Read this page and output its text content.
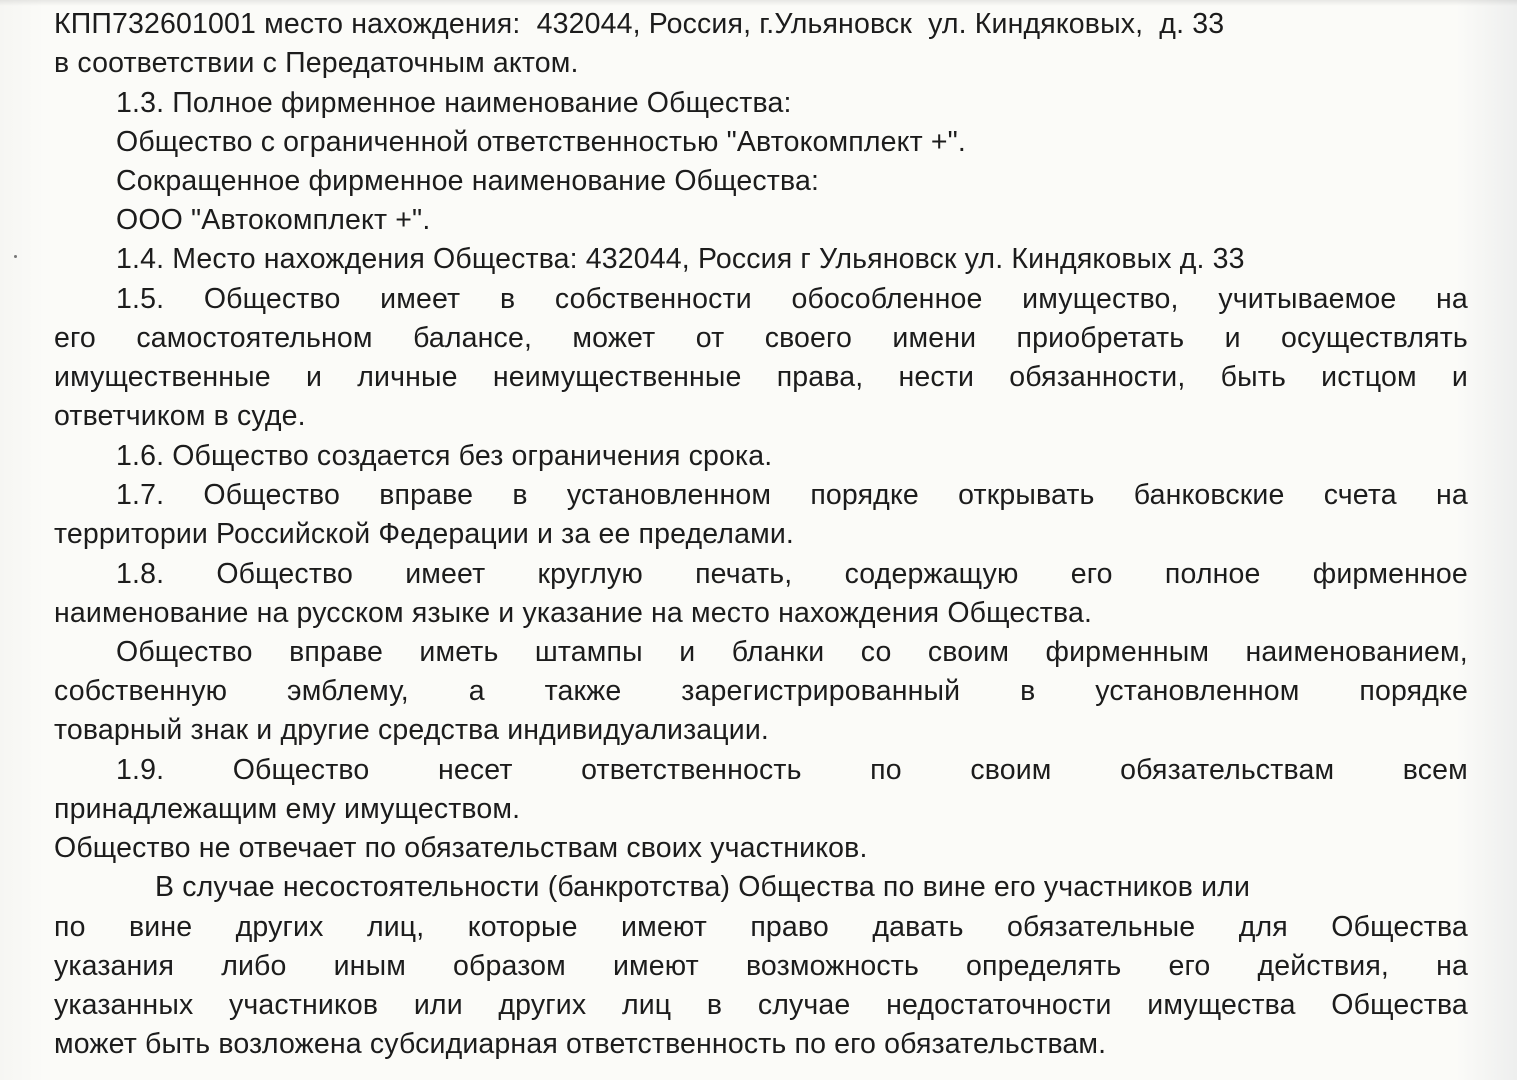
КПП732601001 место нахождения:  432044, Россия, г.Ульяновск  ул. Киндяковых,  д. 33
в соответствии с Передаточным актом.
1.3. Полное фирменное наименование Общества:
Общество с ограниченной ответственностью "Автокомплект +".
Сокращенное фирменное наименование Общества:
ООО "Автокомплект +".
1.4. Место нахождения Общества: 432044, Россия г Ульяновск ул. Киндяковых д. 33
1.5. Общество имеет в собственности обособленное имущество, учитываемое на
его самостоятельном балансе, может от своего имени приобретать и осуществлять
имущественные и личные неимущественные права, нести обязанности, быть истцом и
ответчиком в суде.
1.6. Общество создается без ограничения срока.
1.7. Общество вправе в установленном порядке открывать банковские счета на
территории Российской Федерации и за ее пределами.
1.8. Общество имеет круглую печать, содержащую его полное фирменное
наименование на русском языке и указание на место нахождения Общества.
Общество вправе иметь штампы и бланки со своим фирменным наименованием,
собственную эмблему, а также зарегистрированный в установленном порядке
товарный знак и другие средства индивидуализации.
1.9. Общество несет ответственность по своим обязательствам всем
принадлежащим ему имуществом.
Общество не отвечает по обязательствам своих участников.
В случае несостоятельности (банкротства) Общества по вине его участников или
по вине других лиц, которые имеют право давать обязательные для Общества
указания либо иным образом имеют возможность определять его действия, на
указанных участников или других лиц в случае недостаточности имущества Общества
может быть возложена субсидиарная ответственность по его обязательствам.
